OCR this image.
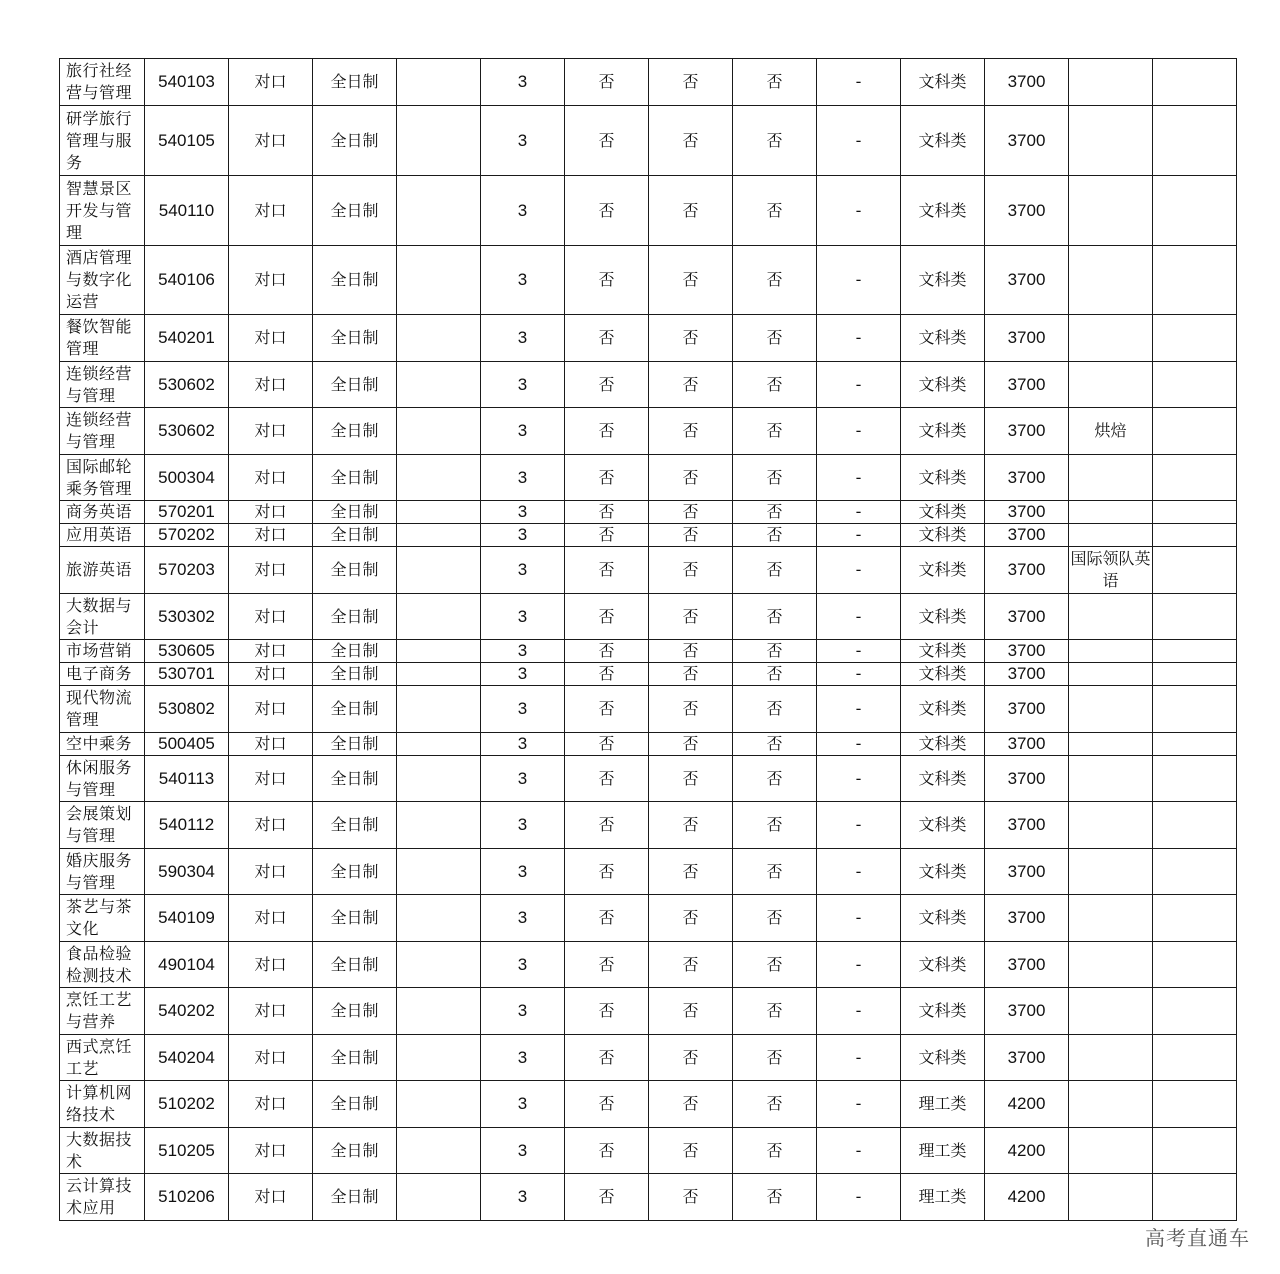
旅行社经营与管理	540103	对口	全日制		3	否	否	否	-	文科类	3700		
研学旅行管理与服务	540105	对口	全日制		3	否	否	否	-	文科类	3700		
智慧景区开发与管理	540110	对口	全日制		3	否	否	否	-	文科类	3700		
酒店管理与数字化运营	540106	对口	全日制		3	否	否	否	-	文科类	3700		
餐饮智能管理	540201	对口	全日制		3	否	否	否	-	文科类	3700		
连锁经营与管理	530602	对口	全日制		3	否	否	否	-	文科类	3700		
连锁经营与管理	530602	对口	全日制		3	否	否	否	-	文科类	3700	烘焙	
国际邮轮乘务管理	500304	对口	全日制		3	否	否	否	-	文科类	3700		
商务英语	570201	对口	全日制		3	否	否	否	-	文科类	3700		
应用英语	570202	对口	全日制		3	否	否	否	-	文科类	3700		
旅游英语	570203	对口	全日制		3	否	否	否	-	文科类	3700	国际领队英语	
大数据与会计	530302	对口	全日制		3	否	否	否	-	文科类	3700		
市场营销	530605	对口	全日制		3	否	否	否	-	文科类	3700		
电子商务	530701	对口	全日制		3	否	否	否	-	文科类	3700		
现代物流管理	530802	对口	全日制		3	否	否	否	-	文科类	3700		
空中乘务	500405	对口	全日制		3	否	否	否	-	文科类	3700		
休闲服务与管理	540113	对口	全日制		3	否	否	否	-	文科类	3700		
会展策划与管理	540112	对口	全日制		3	否	否	否	-	文科类	3700		
婚庆服务与管理	590304	对口	全日制		3	否	否	否	-	文科类	3700		
茶艺与茶文化	540109	对口	全日制		3	否	否	否	-	文科类	3700		
食品检验检测技术	490104	对口	全日制		3	否	否	否	-	文科类	3700		
烹饪工艺与营养	540202	对口	全日制		3	否	否	否	-	文科类	3700		
西式烹饪工艺	540204	对口	全日制		3	否	否	否	-	文科类	3700		
计算机网络技术	510202	对口	全日制		3	否	否	否	-	理工类	4200		
大数据技术	510205	对口	全日制		3	否	否	否	-	理工类	4200		
云计算技术应用	510206	对口	全日制		3	否	否	否	-	理工类	4200		
高考直通车
